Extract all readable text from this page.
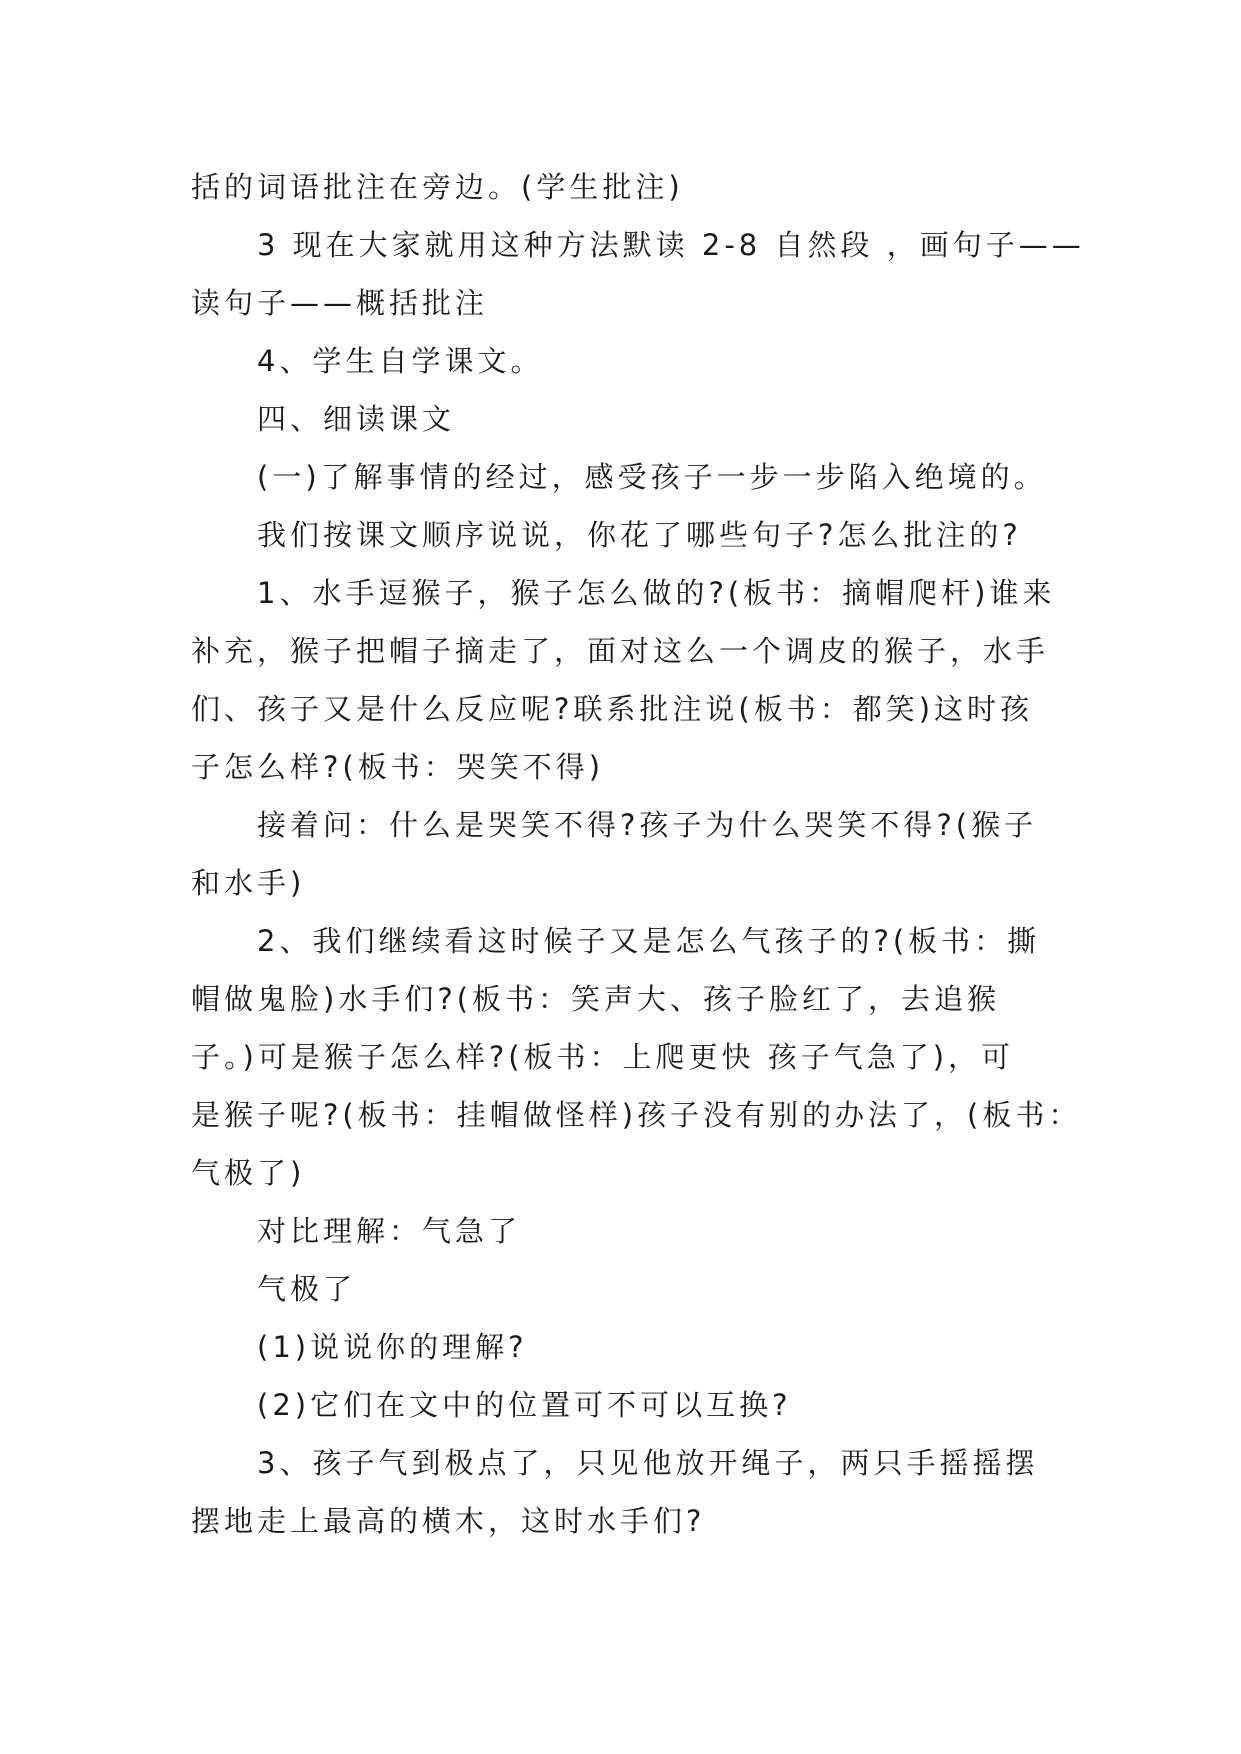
括的词语批注在旁边。(学生批注)
3 现在大家就用这种方法默读 2-8 自然段 ，画句子——
读句子——概括批注
4、学生自学课文。
四、细读课文
(一)了解事情的经过，感受孩子一步一步陷入绝境的。
我们按课文顺序说说，你花了哪些句子?怎么批注的?
1、水手逗猴子，猴子怎么做的?(板书：摘帽爬杆)谁来
补充，猴子把帽子摘走了，面对这么一个调皮的猴子，水手
们、孩子又是什么反应呢?联系批注说(板书：都笑)这时孩
子怎么样?(板书：哭笑不得)
接着问：什么是哭笑不得?孩子为什么哭笑不得?(猴子
和水手)
2、我们继续看这时候子又是怎么气孩子的?(板书：撕
帽做鬼脸)水手们?(板书：笑声大、孩子脸红了，去追猴
子。)可是猴子怎么样?(板书：上爬更快 孩子气急了)，可
是猴子呢?(板书：挂帽做怪样)孩子没有别的办法了，(板书：
气极了)
对比理解：气急了
气极了
(1)说说你的理解?
(2)它们在文中的位置可不可以互换?
3、孩子气到极点了，只见他放开绳子，两只手摇摇摆
摆地走上最高的横木，这时水手们?
